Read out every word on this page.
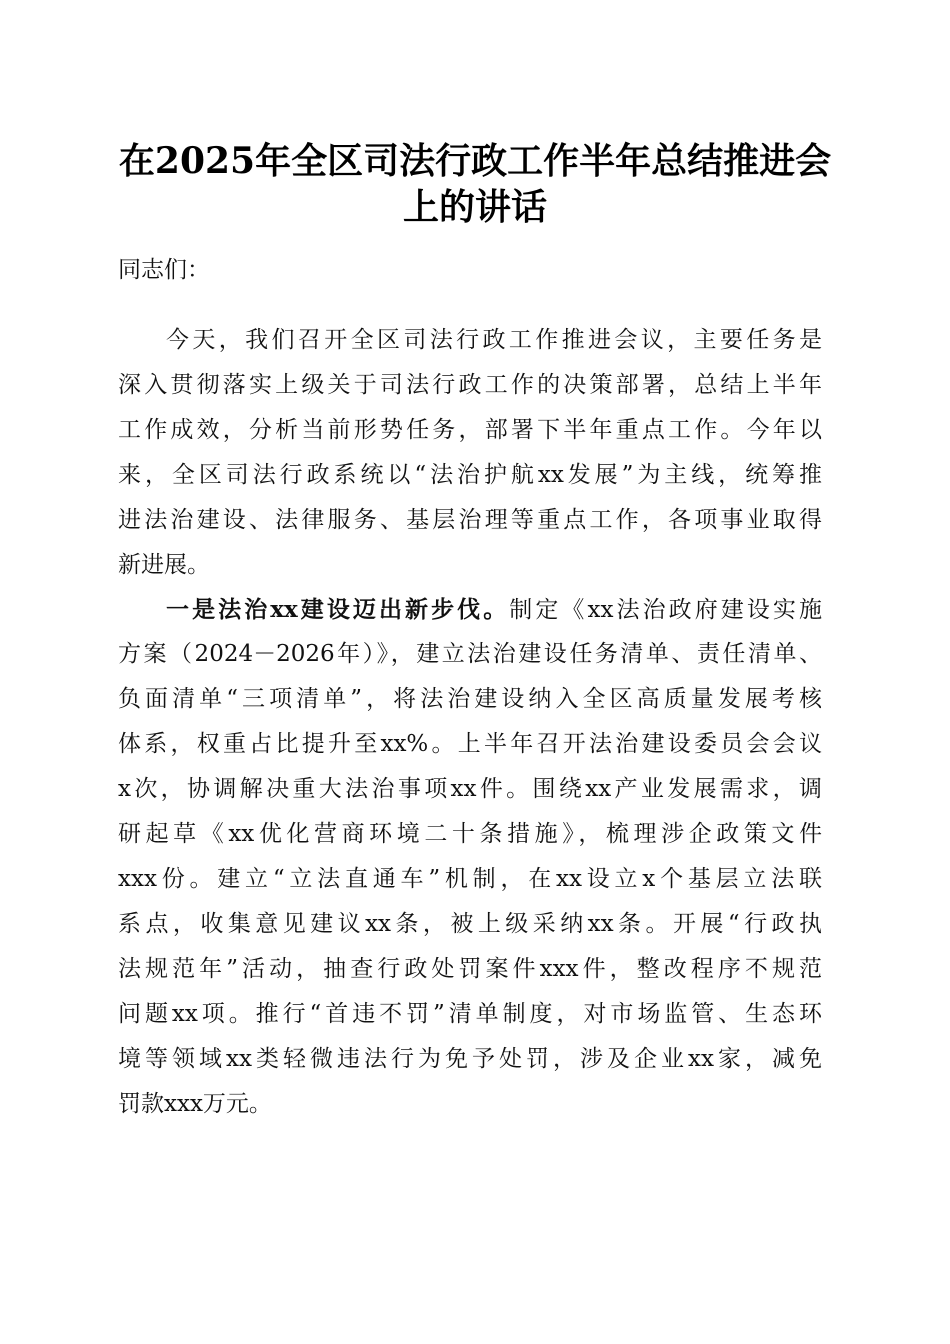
在2025年全区司法行政工作半年总结推进会
上的讲话
同志们：
今天，我们召开全区司法行政工作推进会议，主要任务是
深入贯彻落实上级关于司法行政工作的决策部署，总结上半年
工作成效，分析当前形势任务，部署下半年重点工作。今年以
来，全区司法行政系统以“法治护航xx发展”为主线，统筹推
进法治建设、法律服务、基层治理等重点工作，各项事业取得
新进展。
一是法治xx建设迈出新步伐。制定《xx法治政府建设实施
方案（2024－2026年）》，建立法治建设任务清单、责任清单、
负面清单“三项清单”，将法治建设纳入全区高质量发展考核
体系，权重占比提升至xx%。上半年召开法治建设委员会会议
x次，协调解决重大法治事项xx件。围绕xx产业发展需求，调
研起草《xx优化营商环境二十条措施》，梳理涉企政策文件
xxx份。建立“立法直通车”机制，在xx设立x个基层立法联
系点，收集意见建议xx条，被上级采纳xx条。开展“行政执
法规范年”活动，抽查行政处罚案件xxx件，整改程序不规范
问题xx项。推行“首违不罚”清单制度，对市场监管、生态环
境等领域xx类轻微违法行为免予处罚，涉及企业xx家，减免
罚款xxx万元。
